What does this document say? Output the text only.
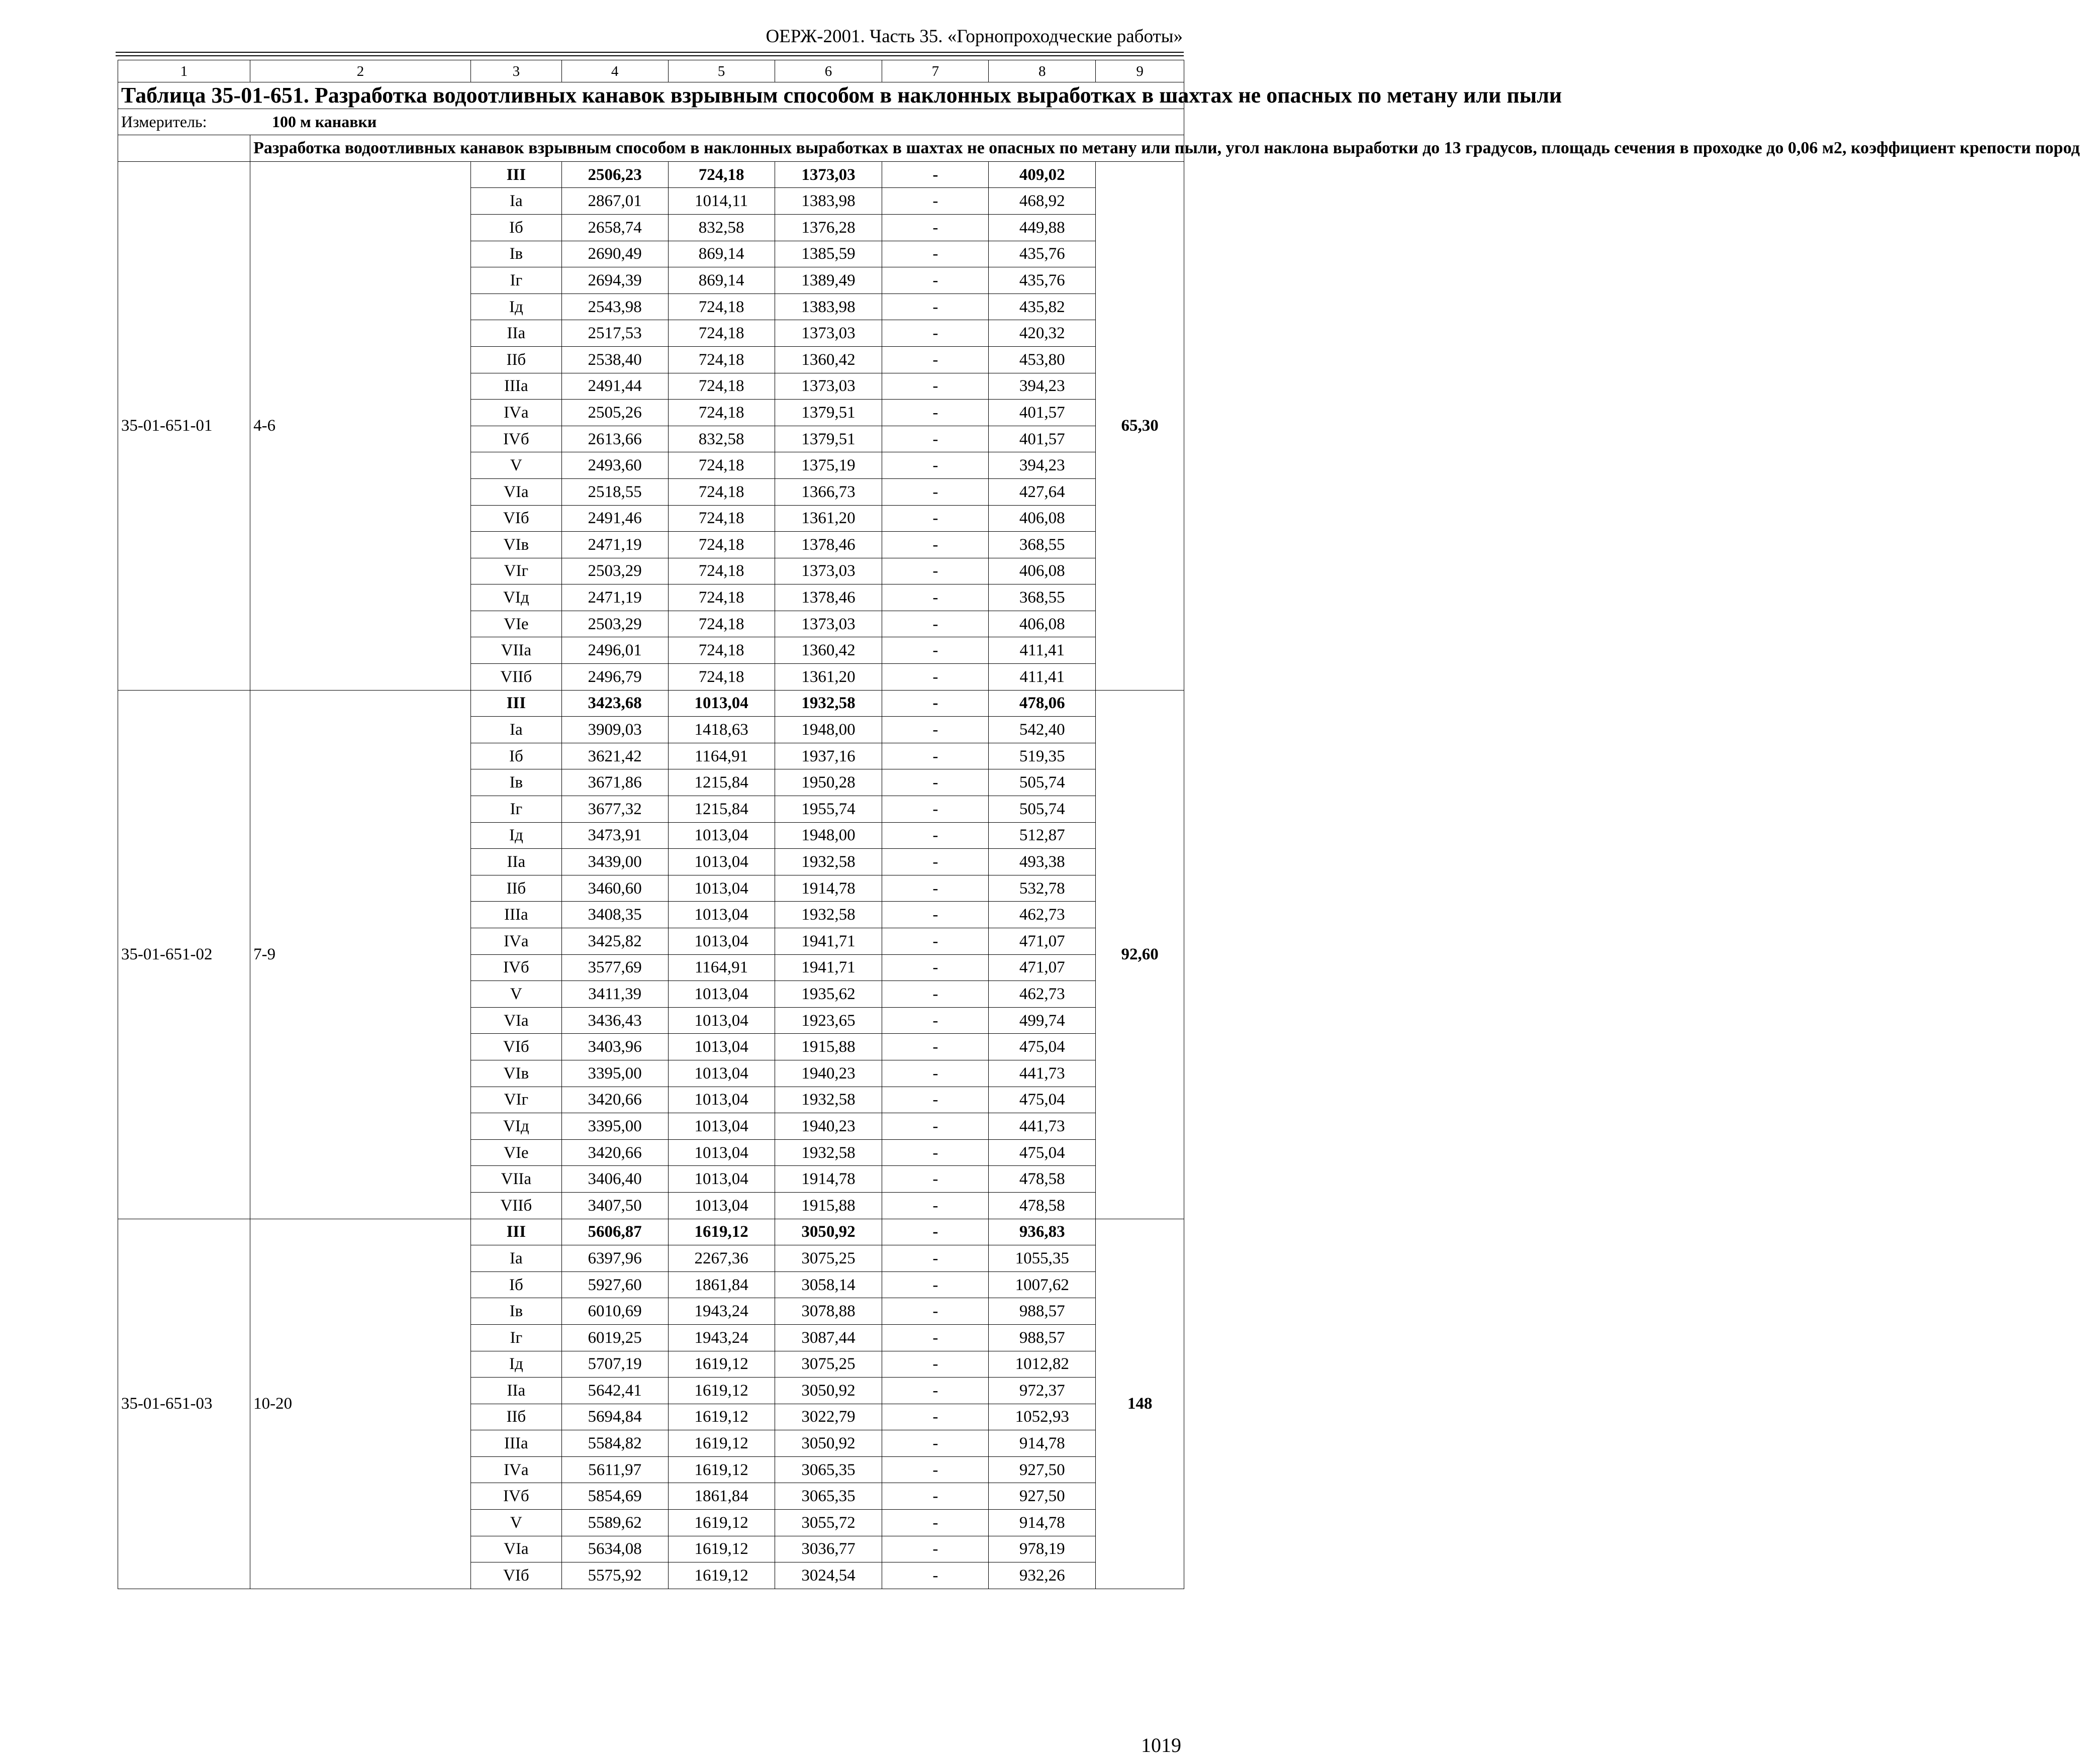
ОЕРЖ-2001. Часть 35. «Горнопроходческие работы»
1	2	3	4	5	6	7	8	9
Таблица 35-01-651. Разработка водоотливных канавок взрывным способом в наклонных выработках в шахтах не опасных по метану или пыли								
Измеритель: 100 м канавки								
	Разработка водоотливных канавок взрывным способом в наклонных выработках в шахтах не опасных по метану или пыли, угол наклона выработки до 13 градусов, площадь сечения в проходке до 0,06 м2, коэффициент крепости пород							
35-01-651-01	4-6	III	2506,23	724,18	1373,03	-	409,02	65,30
		Iа	2867,01	1014,11	1383,98	-	468,92	
		Iб	2658,74	832,58	1376,28	-	449,88	
		Iв	2690,49	869,14	1385,59	-	435,76	
		Iг	2694,39	869,14	1389,49	-	435,76	
		Iд	2543,98	724,18	1383,98	-	435,82	
		IIа	2517,53	724,18	1373,03	-	420,32	
		IIб	2538,40	724,18	1360,42	-	453,80	
		IIIа	2491,44	724,18	1373,03	-	394,23	
		IVа	2505,26	724,18	1379,51	-	401,57	
		IVб	2613,66	832,58	1379,51	-	401,57	
		V	2493,60	724,18	1375,19	-	394,23	
		VIа	2518,55	724,18	1366,73	-	427,64	
		VIб	2491,46	724,18	1361,20	-	406,08	
		VIв	2471,19	724,18	1378,46	-	368,55	
		VIг	2503,29	724,18	1373,03	-	406,08	
		VIд	2471,19	724,18	1378,46	-	368,55	
		VIе	2503,29	724,18	1373,03	-	406,08	
		VIIа	2496,01	724,18	1360,42	-	411,41	
		VIIб	2496,79	724,18	1361,20	-	411,41	
35-01-651-02	7-9	III	3423,68	1013,04	1932,58	-	478,06	92,60
		Iа	3909,03	1418,63	1948,00	-	542,40	
		Iб	3621,42	1164,91	1937,16	-	519,35	
		Iв	3671,86	1215,84	1950,28	-	505,74	
		Iг	3677,32	1215,84	1955,74	-	505,74	
		Iд	3473,91	1013,04	1948,00	-	512,87	
		IIа	3439,00	1013,04	1932,58	-	493,38	
		IIб	3460,60	1013,04	1914,78	-	532,78	
		IIIа	3408,35	1013,04	1932,58	-	462,73	
		IVа	3425,82	1013,04	1941,71	-	471,07	
		IVб	3577,69	1164,91	1941,71	-	471,07	
		V	3411,39	1013,04	1935,62	-	462,73	
		VIа	3436,43	1013,04	1923,65	-	499,74	
		VIб	3403,96	1013,04	1915,88	-	475,04	
		VIв	3395,00	1013,04	1940,23	-	441,73	
		VIг	3420,66	1013,04	1932,58	-	475,04	
		VIд	3395,00	1013,04	1940,23	-	441,73	
		VIе	3420,66	1013,04	1932,58	-	475,04	
		VIIа	3406,40	1013,04	1914,78	-	478,58	
		VIIб	3407,50	1013,04	1915,88	-	478,58	
35-01-651-03	10-20	III	5606,87	1619,12	3050,92	-	936,83	148
		Iа	6397,96	2267,36	3075,25	-	1055,35	
		Iб	5927,60	1861,84	3058,14	-	1007,62	
		Iв	6010,69	1943,24	3078,88	-	988,57	
		Iг	6019,25	1943,24	3087,44	-	988,57	
		Iд	5707,19	1619,12	3075,25	-	1012,82	
		IIа	5642,41	1619,12	3050,92	-	972,37	
		IIб	5694,84	1619,12	3022,79	-	1052,93	
		IIIа	5584,82	1619,12	3050,92	-	914,78	
		IVа	5611,97	1619,12	3065,35	-	927,50	
		IVб	5854,69	1861,84	3065,35	-	927,50	
		V	5589,62	1619,12	3055,72	-	914,78	
		VIа	5634,08	1619,12	3036,77	-	978,19	
		VIб	5575,92	1619,12	3024,54	-	932,26	
1019
